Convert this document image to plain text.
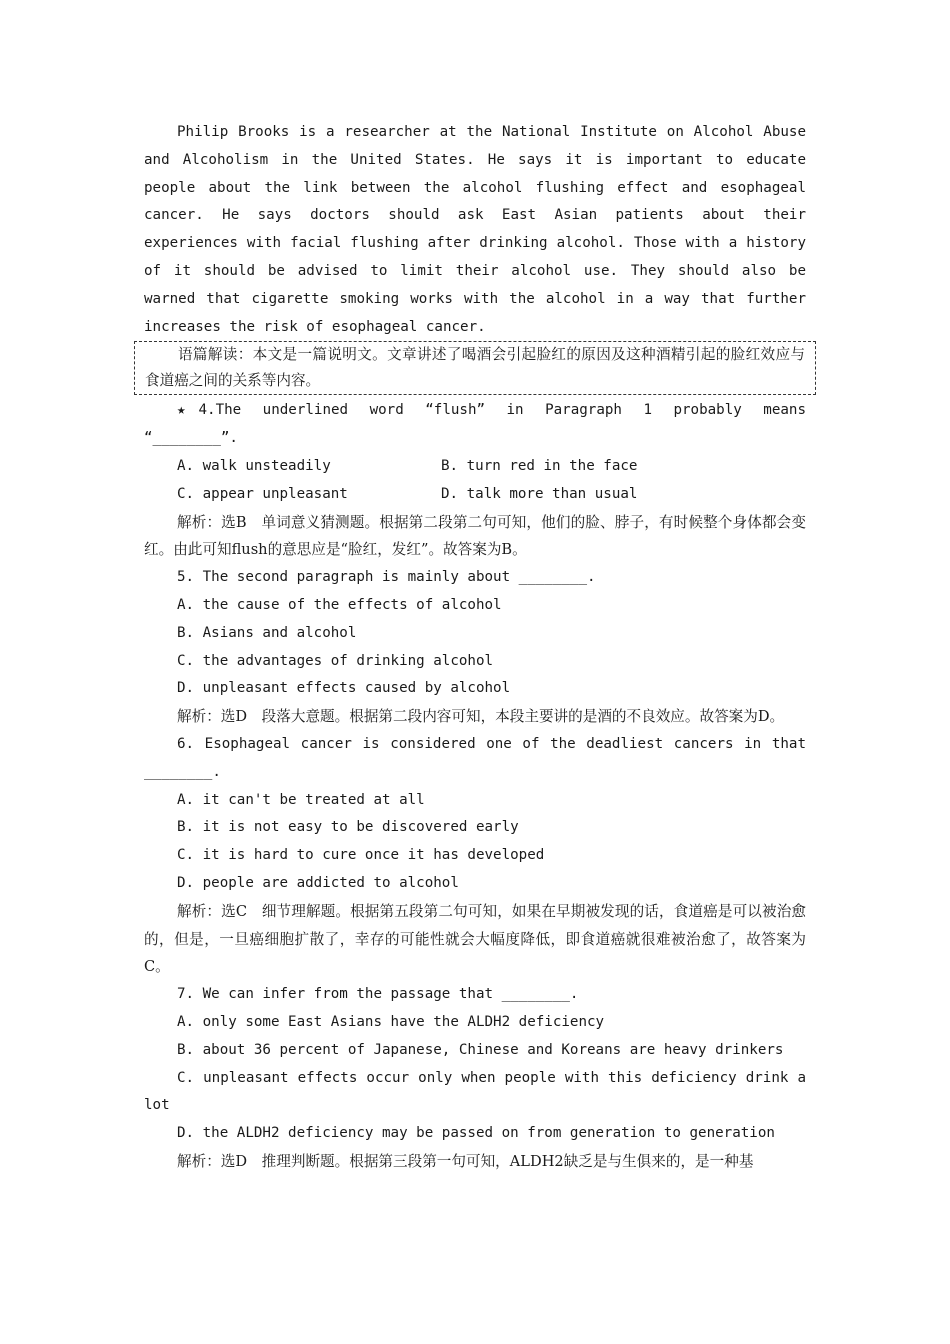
Philip Brooks is a researcher at the National Institute on Alcohol Abuse and Alcoholism in the United States. He says it is important to educate people about the link between the alcohol flushing effect and esophageal cancer. He says doctors should ask East Asian patients about their experiences with facial flushing after drinking alcohol. Those with a history of it should be advised to limit their alcohol use. They should also be warned that cigarette smoking works with the alcohol in a way that further increases the risk of esophageal cancer.

语篇解读：本文是一篇说明文。文章讲述了喝酒会引起脸红的原因及这种酒精引起的脸红效应与食道癌之间的关系等内容。

★4.The underlined word “flush” in Paragraph 1 probably means

“________”.

A. walk unsteadily	B. turn red in the face
C. appear unpleasant	D. talk more than usual

解析：选B　单词意义猜测题。根据第二段第二句可知，他们的脸、脖子，有时候整个身体都会变红。由此可知flush的意思应是“脸红，发红”。故答案为B。

5. The second paragraph is mainly about ________.

A. the cause of the effects of alcohol

B. Asians and alcohol

C. the advantages of drinking alcohol

D. unpleasant effects caused by alcohol

解析：选D　段落大意题。根据第二段内容可知，本段主要讲的是酒的不良效应。故答案为D。

6. Esophageal cancer is considered one of the deadliest cancers in that ________.

A. it can't be treated at all

B. it is not easy to be discovered early

C. it is hard to cure once it has developed

D. people are addicted to alcohol

解析：选C　细节理解题。根据第五段第二句可知，如果在早期被发现的话，食道癌是可以被治愈的，但是，一旦癌细胞扩散了，幸存的可能性就会大幅度降低，即食道癌就很难被治愈了，故答案为C。

7. We can infer from the passage that ________.

A. only some East Asians have the ALDH2 deficiency

B. about 36 percent of Japanese, Chinese and Koreans are heavy drinkers

C. unpleasant effects occur only when people with this deficiency drink a lot

D. the ALDH2 deficiency may be passed on from generation to generation

解析：选D　推理判断题。根据第三段第一句可知，ALDH2缺乏是与生俱来的，是一种基
